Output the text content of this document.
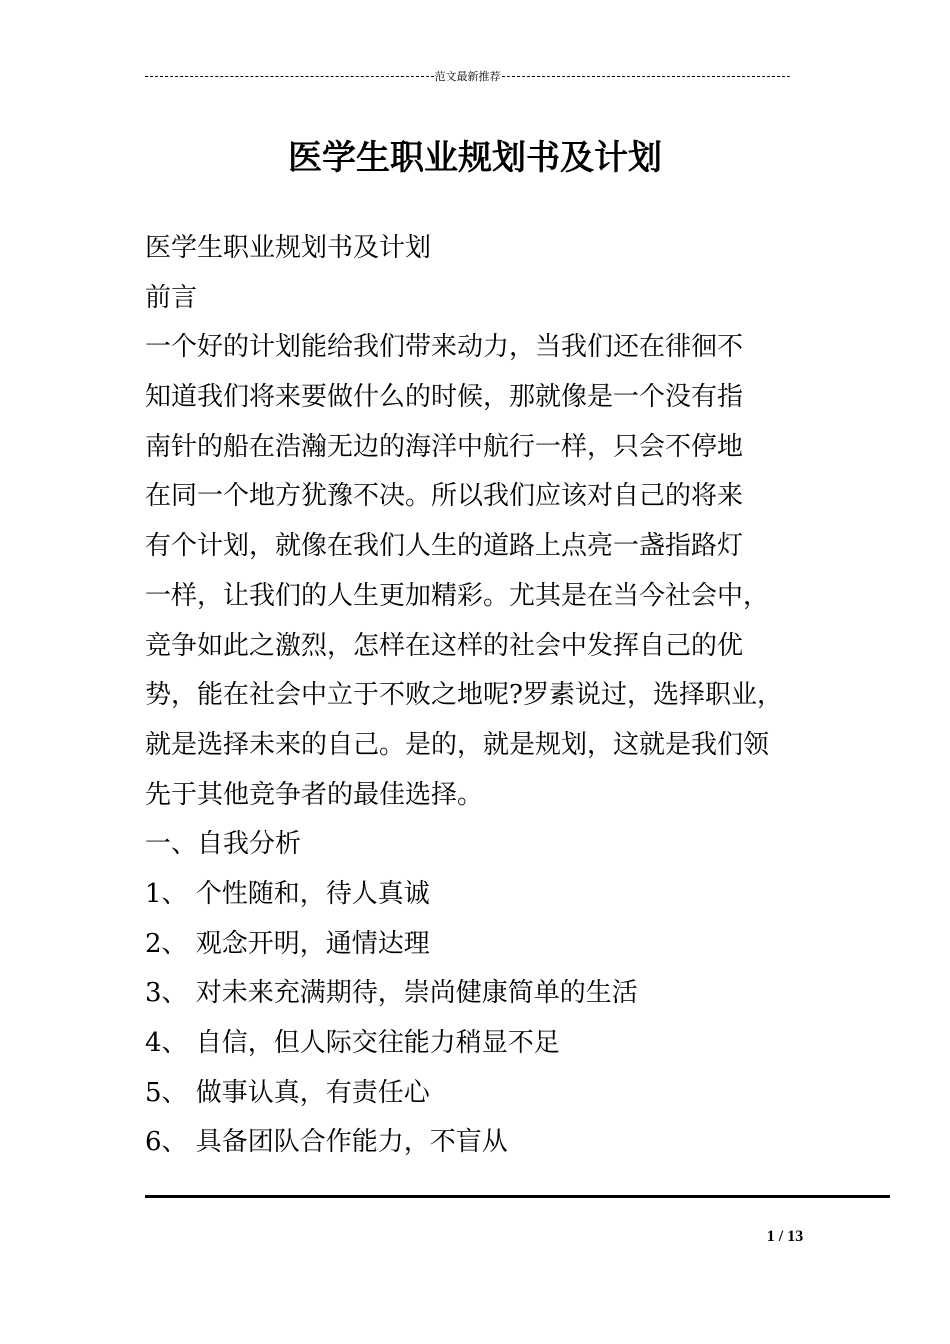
范文最新推荐
医学生职业规划书及计划
医学生职业规划书及计划
前言
一个好的计划能给我们带来动力，当我们还在徘徊不
知道我们将来要做什么的时候，那就像是一个没有指
南针的船在浩瀚无边的海洋中航行一样，只会不停地
在同一个地方犹豫不决。所以我们应该对自己的将来
有个计划，就像在我们人生的道路上点亮一盏指路灯
一样，让我们的人生更加精彩。尤其是在当今社会中，
竞争如此之激烈，怎样在这样的社会中发挥自己的优
势，能在社会中立于不败之地呢?罗素说过，选择职业，
就是选择未来的自己。是的，就是规划，这就是我们领
先于其他竞争者的最佳选择。
一、自我分析
1、 个性随和，待人真诚
2、 观念开明，通情达理
3、 对未来充满期待，崇尚健康简单的生活
4、 自信，但人际交往能力稍显不足
5、 做事认真，有责任心
6、 具备团队合作能力，不盲从
1 / 13
